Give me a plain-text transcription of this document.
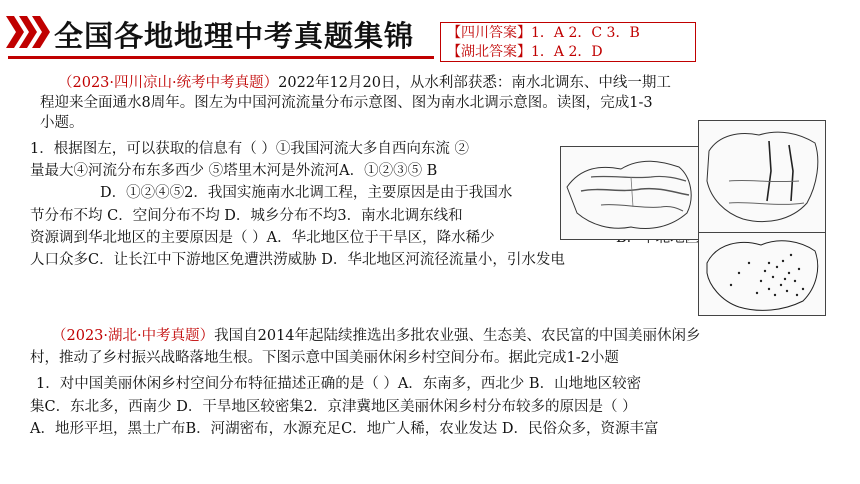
全国各地地理中考真题集锦 【四川答案】1．A 2．C 3．B
【湖北答案】1．A 2．D
（2023·四川凉山·统考中考真题）2022年12月20日，从水利部获悉：南水北调东、中线一期工
程迎来全面通水8周年。图左为中国河流流量分布示意图、图为南水北调示意图。读图，完成1-3
小题。
1．根据图左，可以获取的信息有（ ）①我国河流大多自西向东流 ②
量最大④河流分布东多西少 ⑤塔里木河是外流河A．①②③⑤ B
D．①②④⑤2．我国实施南水北调工程，主要原因是由于我国水
节分布不均 C．空间分布不均 D．城乡分布不均3．南水北调东线和
资源调到华北地区的主要原因是（ ）A．华北地区位于干旱区，降水稀少
人口众多C．让长江中下游地区免遭洪涝威胁 D．华北地区河流径流量小，引水发电
（2023·湖北·中考真题）我国自2014年起陆续推选出多批农业强、生态美、农民富的中国美丽休闲乡
村，推动了乡村振兴战略落地生根。下图示意中国美丽休闲乡村空间分布。据此完成1-2小题
1．对中国美丽休闲乡村空间分布特征描述正确的是（ ）A．东南多，西北少 B．山地地区较密
集C．东北多，西南少 D．干旱地区较密集2．京津冀地区美丽休闲乡村分布较多的原因是（ ）
A．地形平坦，黑土广布B．河湖密布，水源充足C．地广人稀，农业发达 D．民俗众多，资源丰富
